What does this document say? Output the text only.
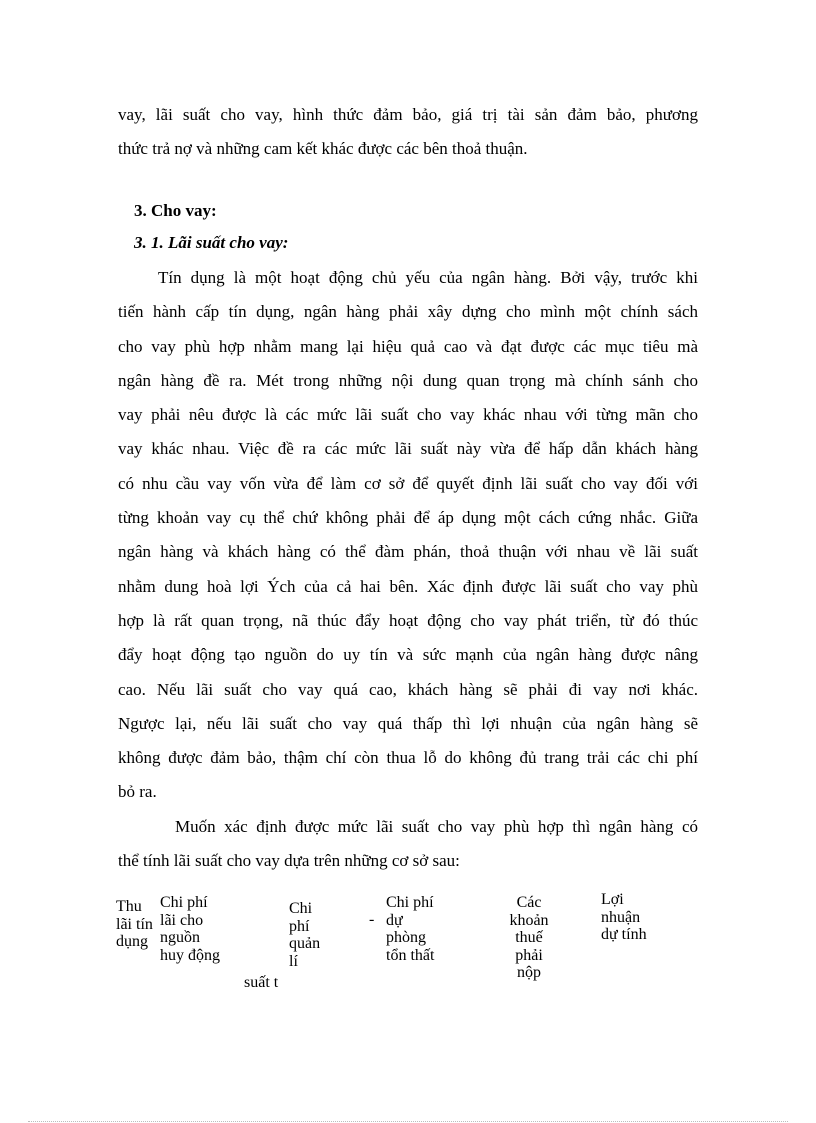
vay, lãi suất cho vay, hình thức đảm bảo, giá trị tài sản đảm bảo, phương
thức trả nợ và những cam kết khác được các bên thoả thuận.

3. Cho vay:

3. 1. Lãi suất cho vay:

Tín dụng là một hoạt động chủ yếu của ngân hàng. Bởi vậy, trước khi
tiến hành cấp tín dụng, ngân hàng phải xây dựng cho mình một chính sách
cho vay phù hợp nhằm mang lại hiệu quả cao và đạt được các mục tiêu mà
ngân hàng đề ra. Mét trong những nội dung quan trọng mà chính sánh cho
vay phải nêu được là các mức lãi suất cho vay khác nhau với từng mãn cho
vay khác nhau. Việc đề ra các mức lãi suất này vừa để hấp dẫn khách hàng
có nhu cầu vay vốn vừa để làm cơ sở để quyết định lãi suất cho vay đối với
từng khoản vay cụ thể chứ không phải để áp dụng một cách cứng nhắc. Giữa
ngân hàng và khách hàng có thể đàm phán, thoả thuận với nhau về lãi suất
nhằm dung hoà lợi Ých của cả hai bên. Xác định được lãi suất cho vay phù
hợp là rất quan trọng, nã thúc đẩy hoạt động cho vay phát triển, từ đó thúc
đẩy hoạt động tạo nguồn do uy tín và sức mạnh của ngân hàng được nâng
cao. Nếu lãi suất cho vay quá cao, khách hàng sẽ phải đi vay nơi khác.
Ngược lại, nếu lãi suất cho vay quá thấp thì lợi nhuận của ngân hàng sẽ
không được đảm bảo, thậm chí còn thua lỗ do không đủ trang trải các chi phí
bỏ ra.
Muốn xác định được mức lãi suất cho vay phù hợp thì ngân hàng có
thể tính lãi suất cho vay dựa trên những cơ sở sau:
Thu
lãi tín
dụng
Chi phí
lãi cho
nguồn
huy động
suất t
Chi
phí
quản
lí
-
Chi phí
dự
phòng
tổn thất
Các
khoản
thuế
phải
nộp
Lợi
nhuận
dự tính
